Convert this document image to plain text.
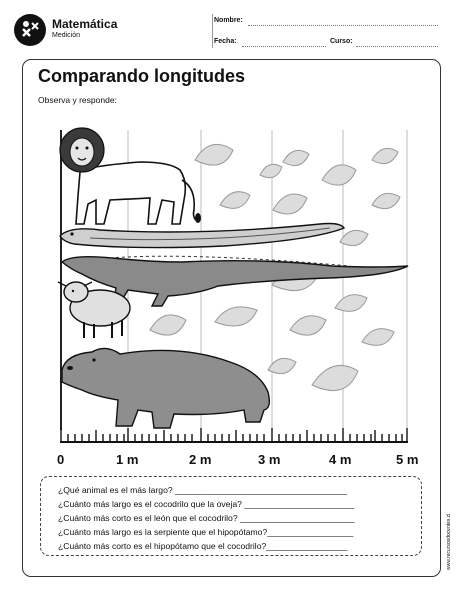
Matemática
Medición
Nombre:
Fecha:	Curso:
Comparando longitudes
Observa y responde:
0	1 m	2 m	3 m	4 m	5 m
¿Qué animal es el más largo? ____________________________________
¿Cuánto más largo es el cocodrilo que la oveja? _______________________
¿Cuánto más corto es el león que el cocodrilo? ________________________
¿Cuánto más largo es la serpiente que el hipopótamo?__________________
¿Cuánto más corto es el hipopótamo que el cocodrilo?_________________	www.recursosdocentes.cl
